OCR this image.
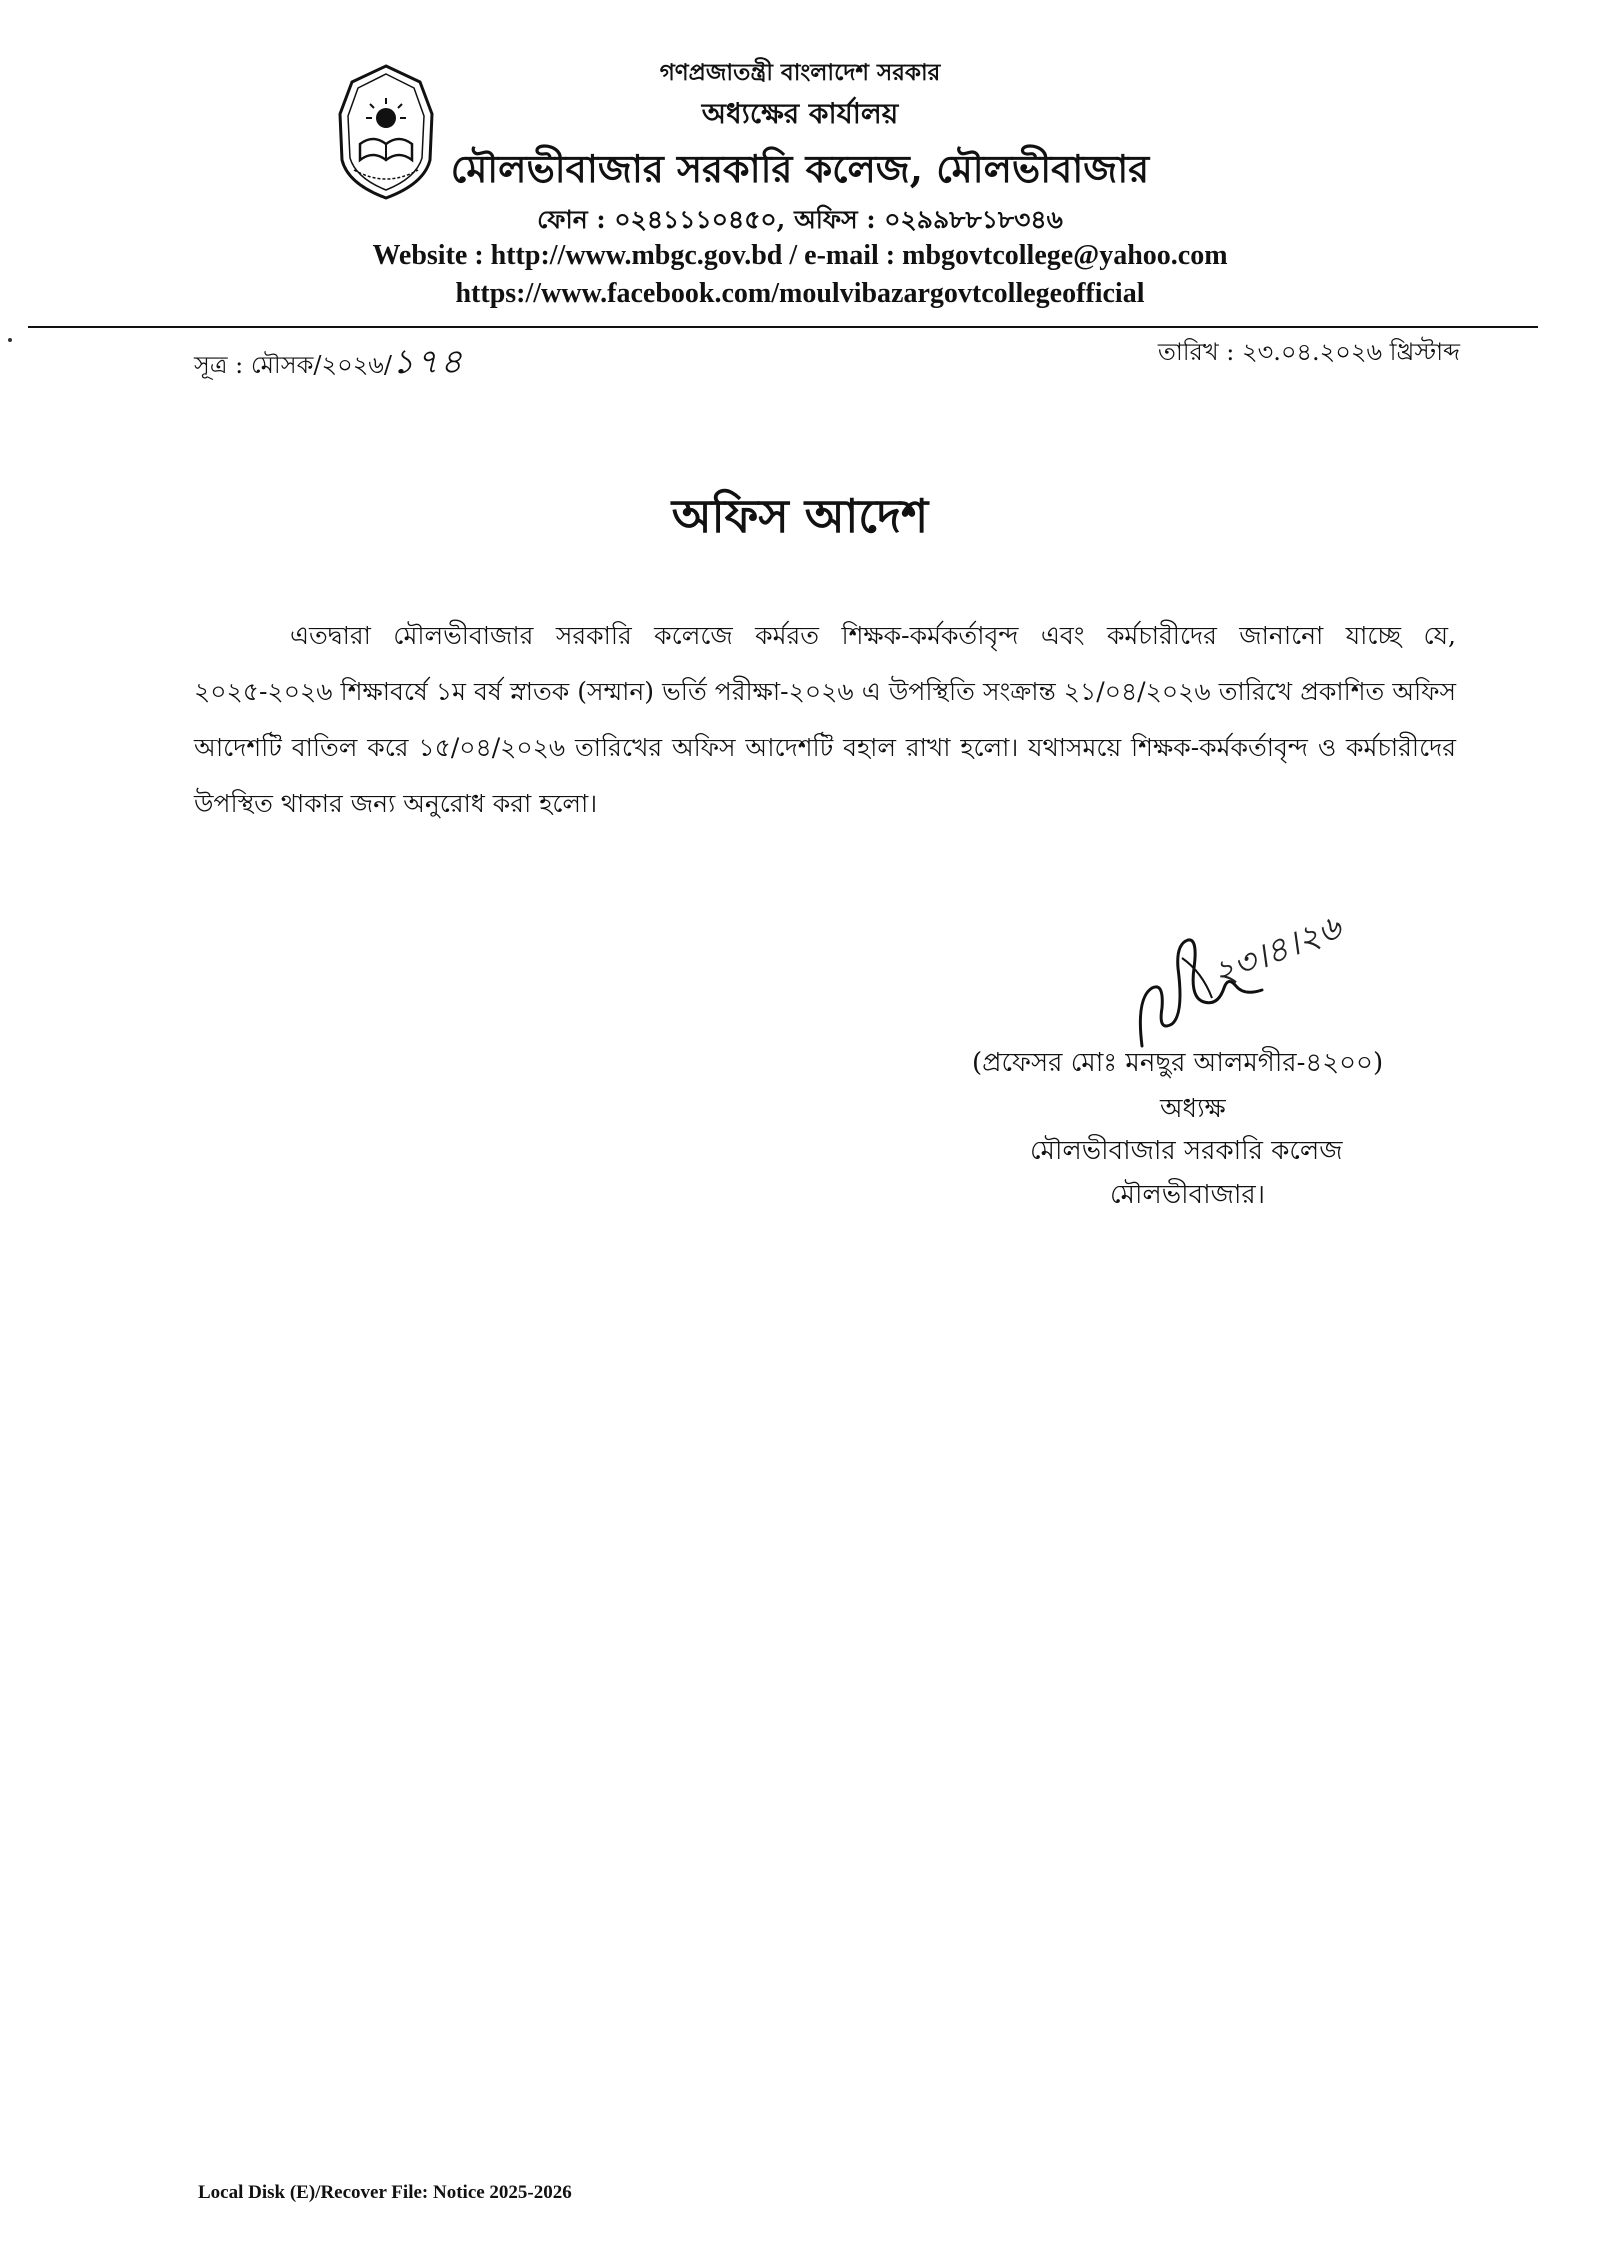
গণপ্রজাতন্ত্রী বাংলাদেশ সরকার
অধ্যক্ষের কার্যালয়
মৌলভীবাজার সরকারি কলেজ, মৌলভীবাজার
ফোন : ০২৪১১১০৪৫০, অফিস : ০২৯৯৮৮১৮৩৪৬
Website : http://www.mbgc.gov.bd / e-mail : mbgovtcollege@yahoo.com
https://www.facebook.com/moulvibazargovtcollegeofficial
সূত্র : মৌসক/২০২৬/১৭৪	তারিখ : ২৩.০৪.২০২৬ খ্রিস্টাব্দ
অফিস আদেশ
এতদ্বারা মৌলভীবাজার সরকারি কলেজে কর্মরত শিক্ষক-কর্মকর্তাবৃন্দ এবং কর্মচারীদের জানানো যাচ্ছে যে, ২০২৫-২০২৬ শিক্ষাবর্ষে ১ম বর্ষ স্নাতক (সম্মান) ভর্তি পরীক্ষা-২০২৬ এ উপস্থিতি সংক্রান্ত ২১/০৪/২০২৬ তারিখে প্রকাশিত অফিস আদেশটি বাতিল করে ১৫/০৪/২০২৬ তারিখের অফিস আদেশটি বহাল রাখা হলো। যথাসময়ে শিক্ষক-কর্মকর্তাবৃন্দ ও কর্মচারীদের উপস্থিত থাকার জন্য অনুরোধ করা হলো।
২৩।৪।২৬
(প্রফেসর মোঃ মনছুর আলমগীর-৪২০০)
অধ্যক্ষ
মৌলভীবাজার সরকারি কলেজ
মৌলভীবাজার।
Local Disk (E)/Recover File: Notice 2025-2026
